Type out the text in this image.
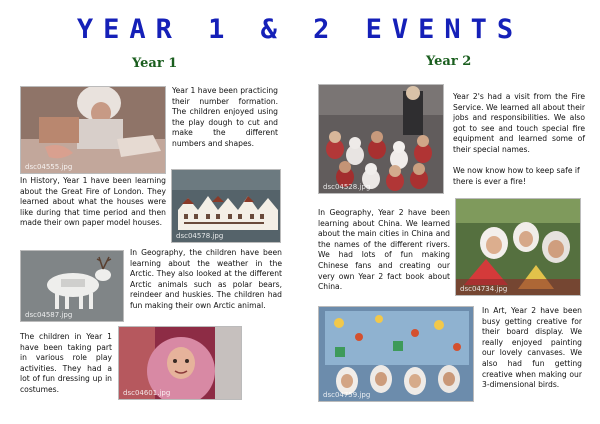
YEAR 1 & 2 EVENTS
Year 1	Year 2
dsc04555.jpg
Year 1 have been practicing their number formation. The children enjoyed using the play dough to cut and make the different numbers and shapes.
In History, Year 1 have been learning about the Great Fire of London. They learned about what the houses were like during that time period and then made their own paper model houses.
dsc04578.jpg
dsc04587.jpg
In Geography, the children have been learning about the weather in the Arctic. They also looked at the different Arctic animals such as polar bears, reindeer and huskies. The children had fun making their own Arctic animal.
The children in Year 1 have been taking part in various role play activities. They had a lot of fun dressing up in costumes.	dsc04601.jpg
dsc04528.jpg
Year 2's had a visit from the Fire Service. We learned all about their jobs and responsibilities. We also got to see and touch special fire equipment and learned some of their special names.
We now know how to keep safe if there is ever a fire!
In Geography, Year 2 have been learning about China. We learned about the main cities in China and the names of the different rivers. We had lots of fun making Chinese fans and creating our very own Year 2 fact book about China.	dsc04734.jpg
dsc04759.jpg
In Art, Year 2 have been busy getting creative for their board display. We really enjoyed painting our lovely canvases. We also had fun getting creative when making our 3-dimensional birds.
